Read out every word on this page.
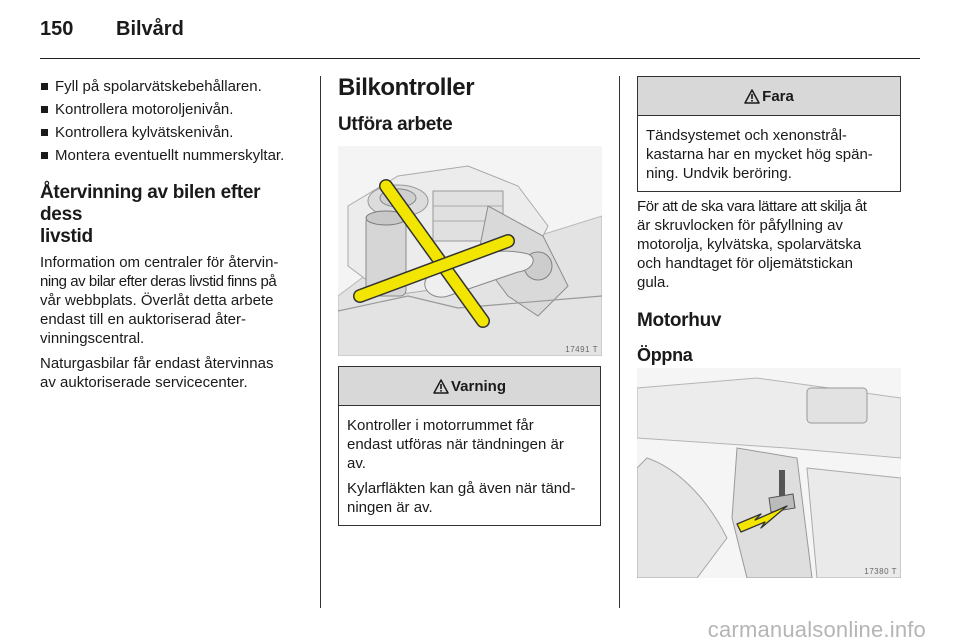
150 Bilvård
Fyll på spolarvätskebehållaren.
Kontrollera motoroljenivån.
Kontrollera kylvätskenivån.
Montera eventuellt nummerskyltar.
Återvinning av bilen efter dess
livstid

Information om centraler för återvin-
ning av bilar efter deras livstid finns på
vår webbplats. Överlåt detta arbete
endast till en auktoriserad åter-
vinningscentral.

Naturgasbilar får endast återvinnas
av auktoriserade servicecenter.

Bilkontroller
Utföra arbete
17491 T
Varning

Kontroller i motorrummet får
endast utföras när tändningen är
av.

Kylarfläkten kan gå även när tänd-
ningen är av.

Fara

Tändsystemet och xenonstrål-
kastarna har en mycket hög spän-
ning. Undvik beröring.

För att de ska vara lättare att skilja åt
är skruvlocken för påfyllning av
motorolja, kylvätska, spolarvätska
och handtaget för oljemätstickan
gula.

Motorhuv
Öppna
17380 T
carmanualsonline.info
